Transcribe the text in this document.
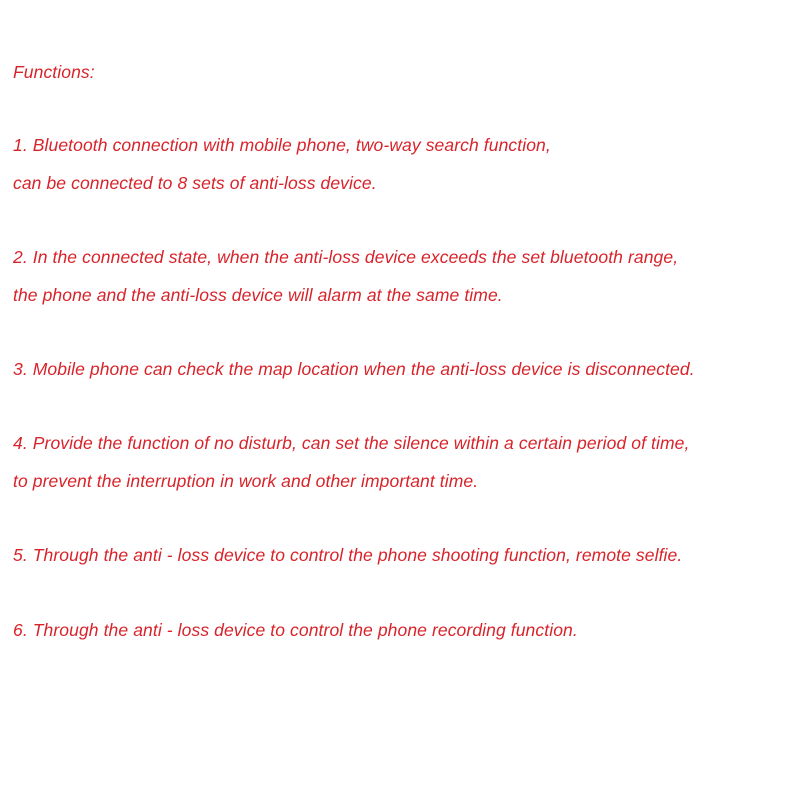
Functions:
1. Bluetooth connection with mobile phone, two-way search function,
can be connected to 8 sets of anti-loss device.
2. In the connected state, when the anti-loss device exceeds the set bluetooth range,
the phone and the anti-loss device will alarm at the same time.
3. Mobile phone can check the map location when the anti-loss device is disconnected.
4. Provide the function of no disturb, can set the silence within a certain period of time,
to prevent the interruption in work and other important time.
5. Through the anti - loss device to control the phone shooting function, remote selfie.
6. Through the anti - loss device to control the phone recording function.
